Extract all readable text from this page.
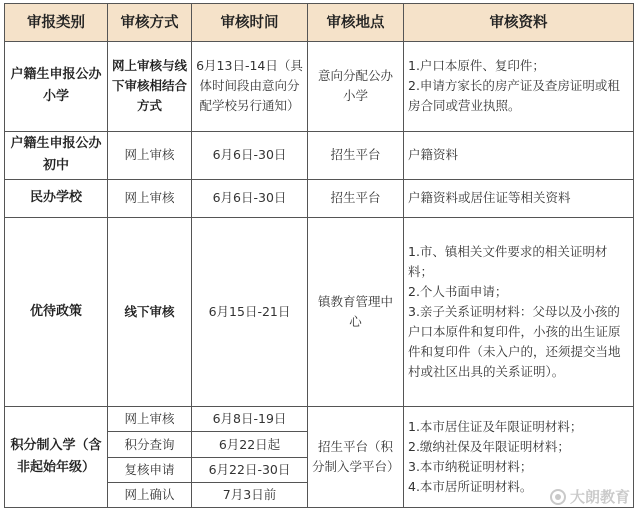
审报类别	审核方式	审核时间	审核地点	审核资料
户籍生申报公办小学	网上审核与线下审核相结合方式	6月13日-14日（具体时间段由意向分配学校另行通知）	意向分配公办小学	1.户口本原件、复印件；
2.申请方家长的房产证及查房证明或租房合同或营业执照。

户籍生申报公办初中	网上审核	6月6日-30日	招生平台	户籍资料

民办学校	网上审核	6月6日-30日	招生平台	户籍资料或居住证等相关资料

优待政策	线下审核	6月15日-21日	镇教育管理中心	1.市、镇相关文件要求的相关证明材料；
2.个人书面申请；
3.亲子关系证明材料：父母以及小孩的户口本原件和复印件，小孩的出生证原件和复印件（未入户的，还须提交当地村或社区出具的关系证明）。

积分制入学（含非起始年级）	网上审核	6月8日-19日	招生平台（积分制入学平台）	1.本市居住证及年限证明材料；
2.缴纳社保及年限证明材料；
3.本市纳税证明材料；
4.本市居所证明材料。

	积分查询	6月22日起		
	复核申请	6月22日-30日		
	网上确认	7月3日前			大朗教育
